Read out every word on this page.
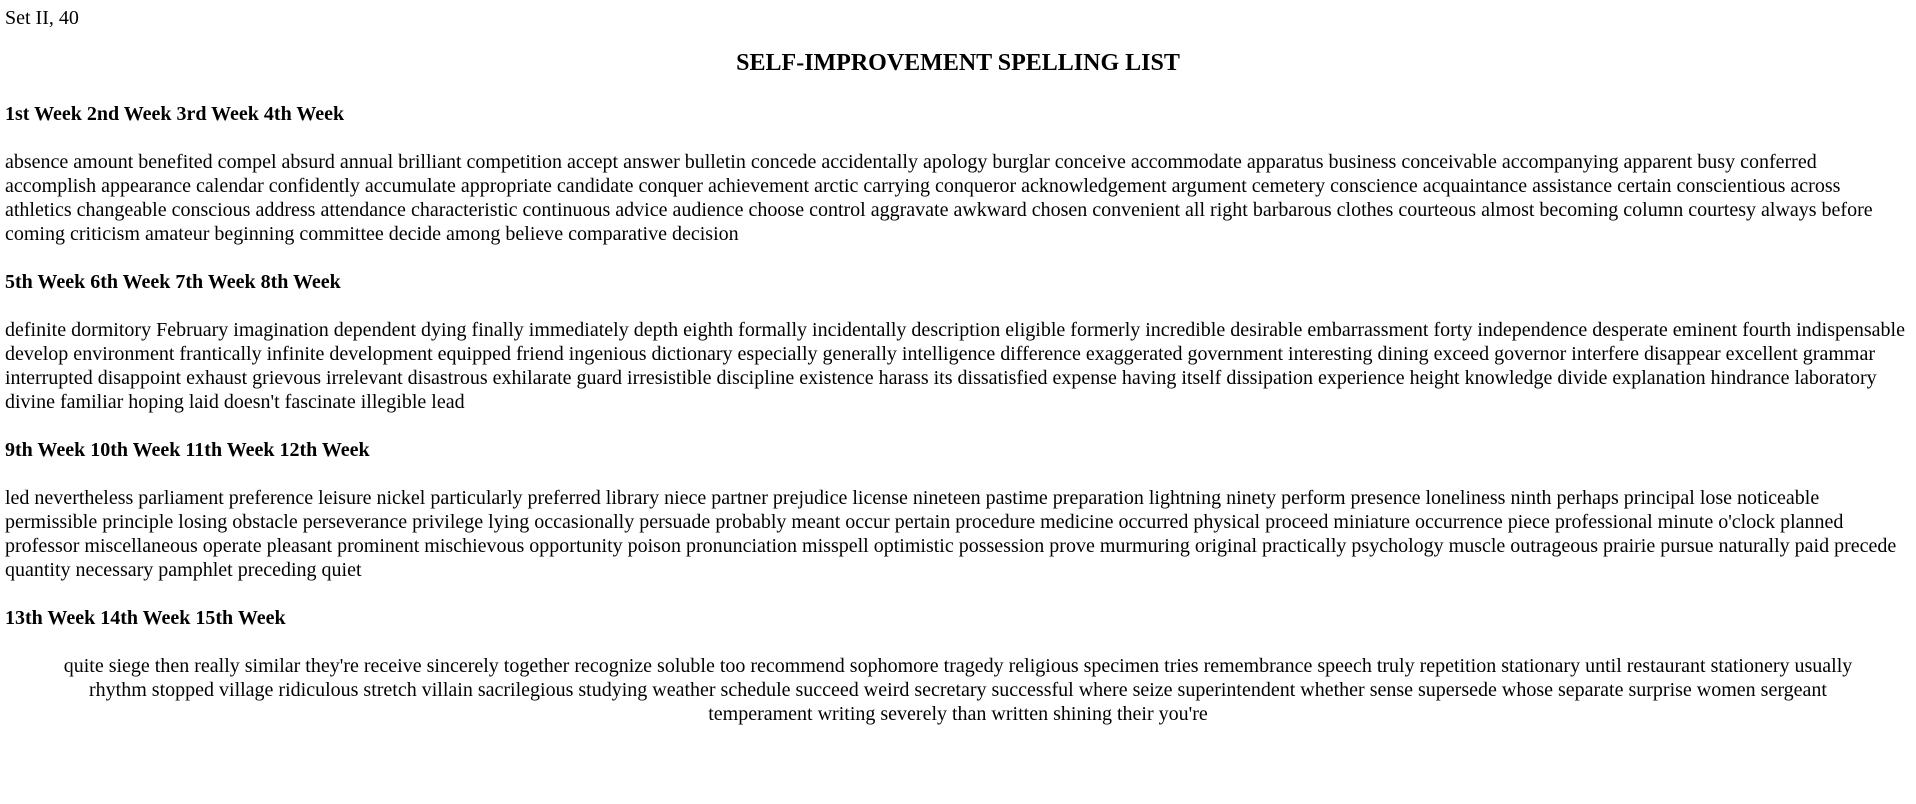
Set II, 40
SELF-IMPROVEMENT SPELLING LIST
1st Week 2nd Week 3rd Week 4th Week

absence amount benefited compel absurd annual brilliant competition accept answer bulletin concede accidentally apology burglar conceive accommodate apparatus business conceivable accompanying apparent busy conferred accomplish appearance calendar confidently accumulate appropriate candidate conquer achievement arctic carrying conqueror acknowledgement argument cemetery conscience acquaintance assistance certain conscientious across athletics changeable conscious address attendance characteristic continuous advice audience choose control aggravate awkward chosen convenient all right barbarous clothes courteous almost becoming column courtesy always before coming criticism amateur beginning committee decide among believe comparative decision

5th Week 6th Week 7th Week 8th Week

definite dormitory February imagination dependent dying finally immediately depth eighth formally incidentally description eligible formerly incredible desirable embarrassment forty independence desperate eminent fourth indispensable develop environment frantically infinite development equipped friend ingenious dictionary especially generally intelligence difference exaggerated government interesting dining exceed governor interfere disappear excellent grammar interrupted disappoint exhaust grievous irrelevant disastrous exhilarate guard irresistible discipline existence harass its dissatisfied expense having itself dissipation experience height knowledge divide explanation hindrance laboratory divine familiar hoping laid doesn't fascinate illegible lead

9th Week 10th Week 11th Week 12th Week

led nevertheless parliament preference leisure nickel particularly preferred library niece partner prejudice license nineteen pastime preparation lightning ninety perform presence loneliness ninth perhaps principal lose noticeable permissible principle losing obstacle perseverance privilege lying occasionally persuade probably meant occur pertain procedure medicine occurred physical proceed miniature occurrence piece professional minute o'clock planned professor miscellaneous operate pleasant prominent mischievous opportunity poison pronunciation misspell optimistic possession prove murmuring original practically psychology muscle outrageous prairie pursue naturally paid precede quantity necessary pamphlet preceding quiet

13th Week 14th Week 15th Week

quite siege then really similar they're receive sincerely together recognize soluble too recommend sophomore tragedy religious specimen tries remembrance speech truly repetition stationary until restaurant stationery usually rhythm stopped village ridiculous stretch villain sacrilegious studying weather schedule succeed weird secretary successful where seize superintendent whether sense supersede whose separate surprise women sergeant temperament writing severely than written shining their you're
